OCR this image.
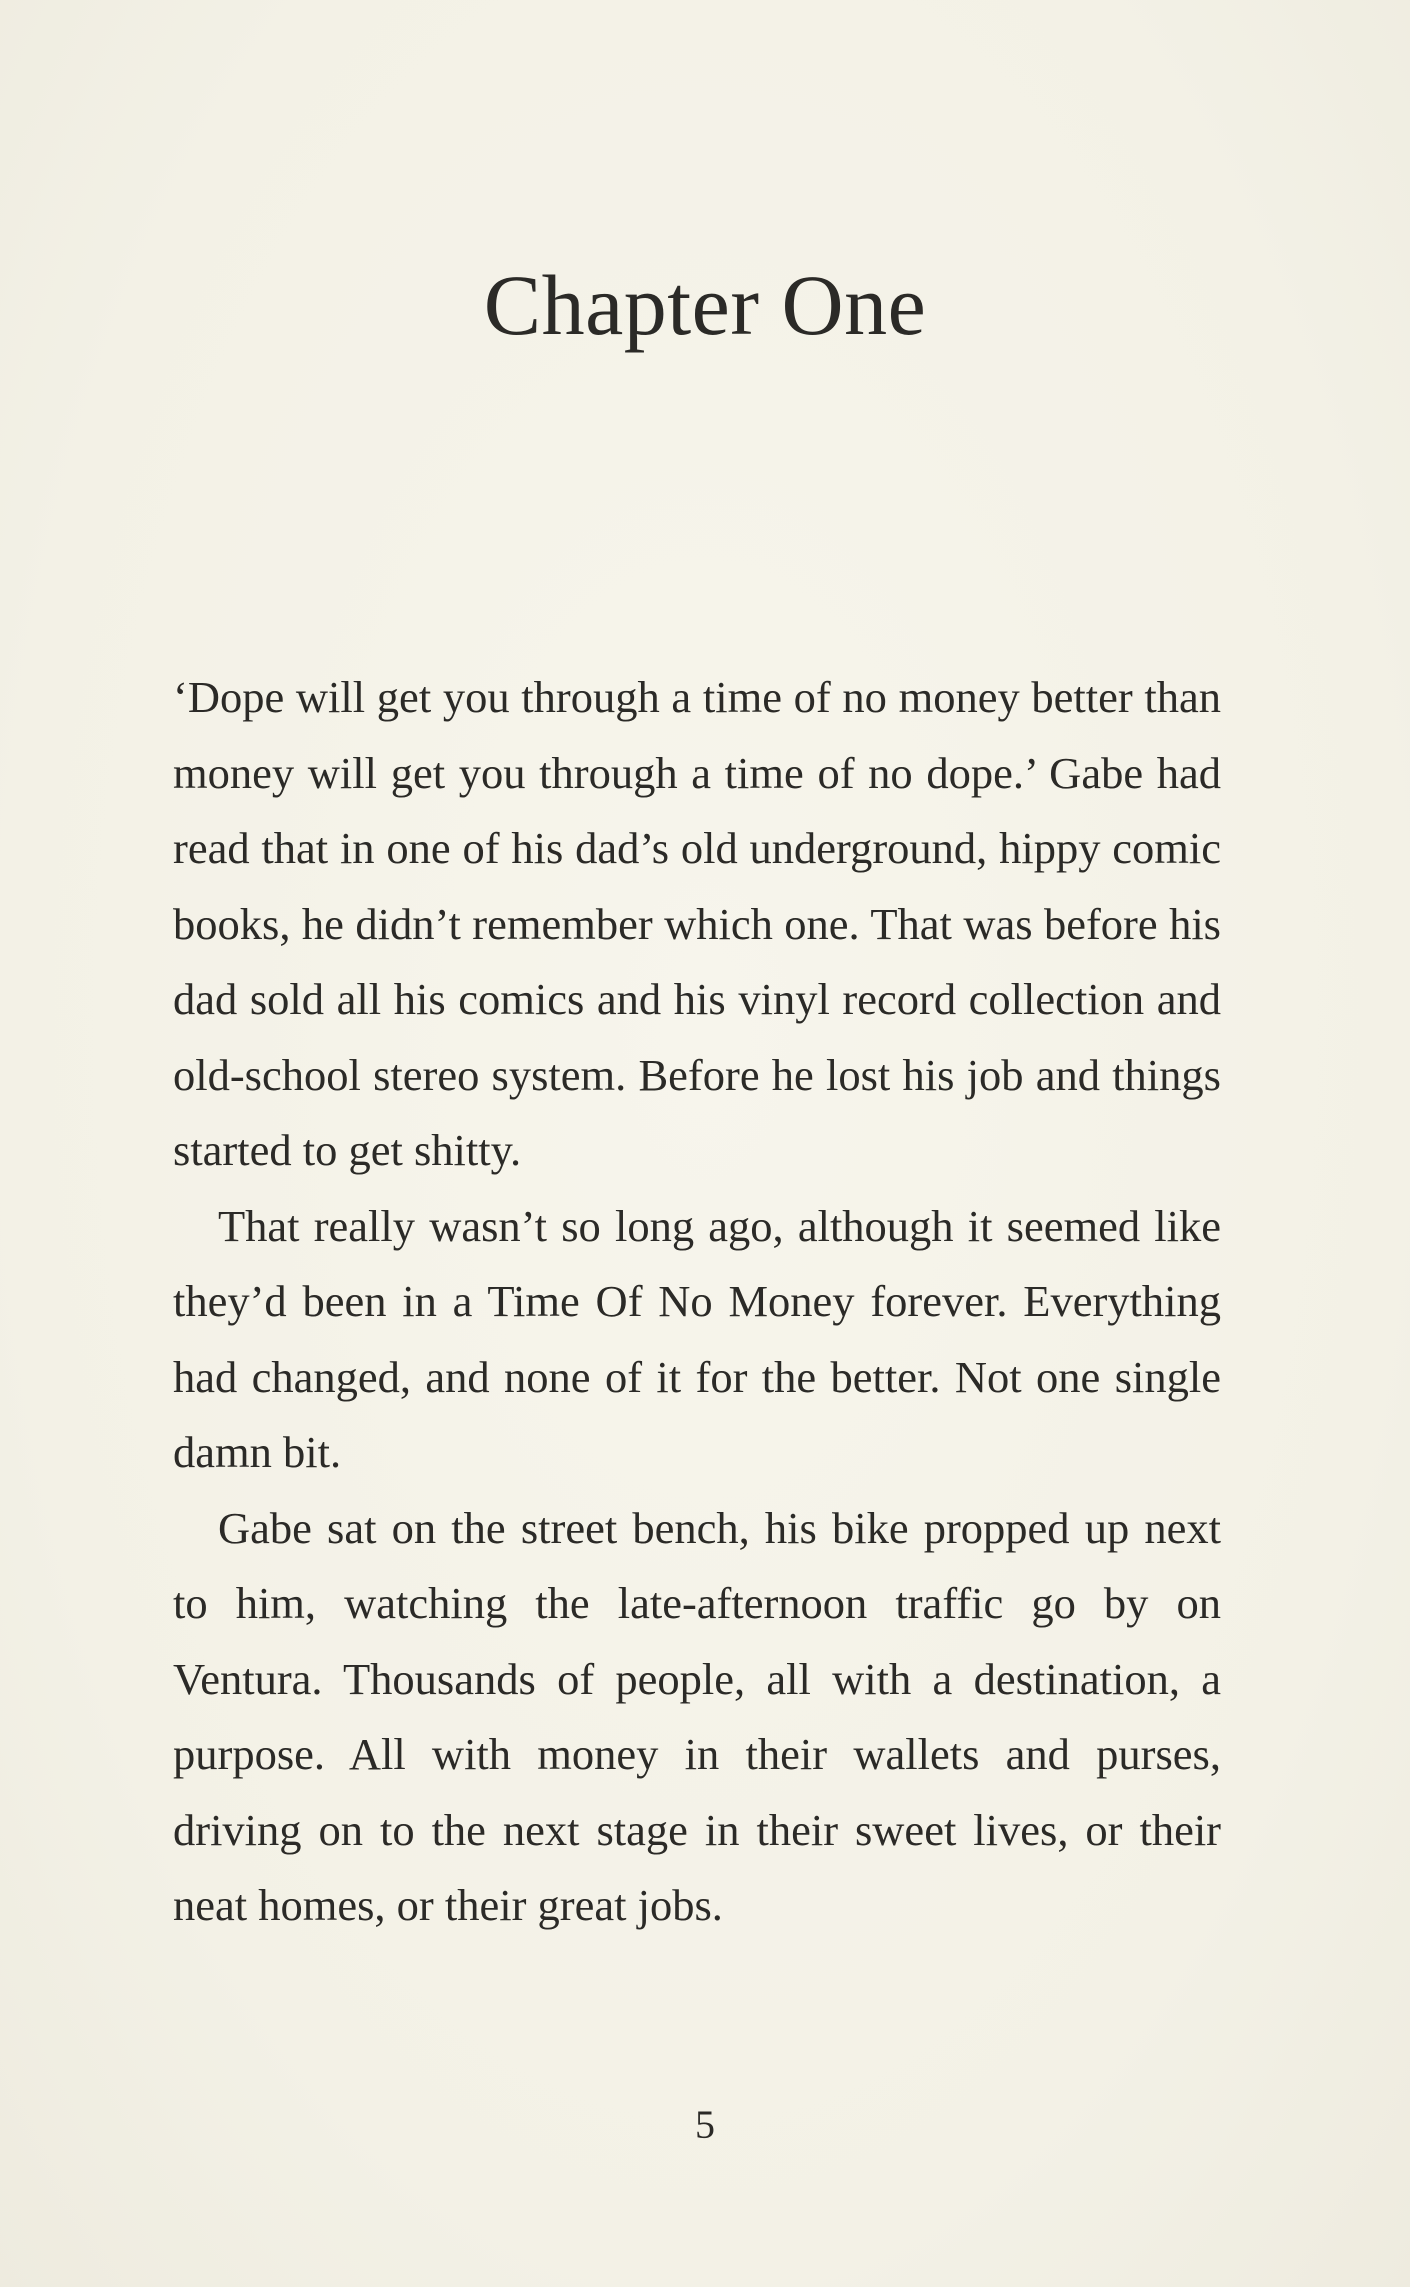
Chapter One

‘Dope will get you through a time of no money better than money will get you through a time of no dope.’ Gabe had read that in one of his dad’s old underground, hippy comic books, he didn’t remember which one. That was before his dad sold all his comics and his vinyl record collection and old-school stereo system. Before he lost his job and things started to get shitty.

That really wasn’t so long ago, although it seemed like they’d been in a Time Of No Money forever. Everything had changed, and none of it for the better. Not one single damn bit.

Gabe sat on the street bench, his bike propped up next to him, watching the late-afternoon traffic go by on Ventura. Thousands of people, all with a destination, a purpose. All with money in their wallets and purses, driving on to the next stage in their sweet lives, or their neat homes, or their great jobs.

5
